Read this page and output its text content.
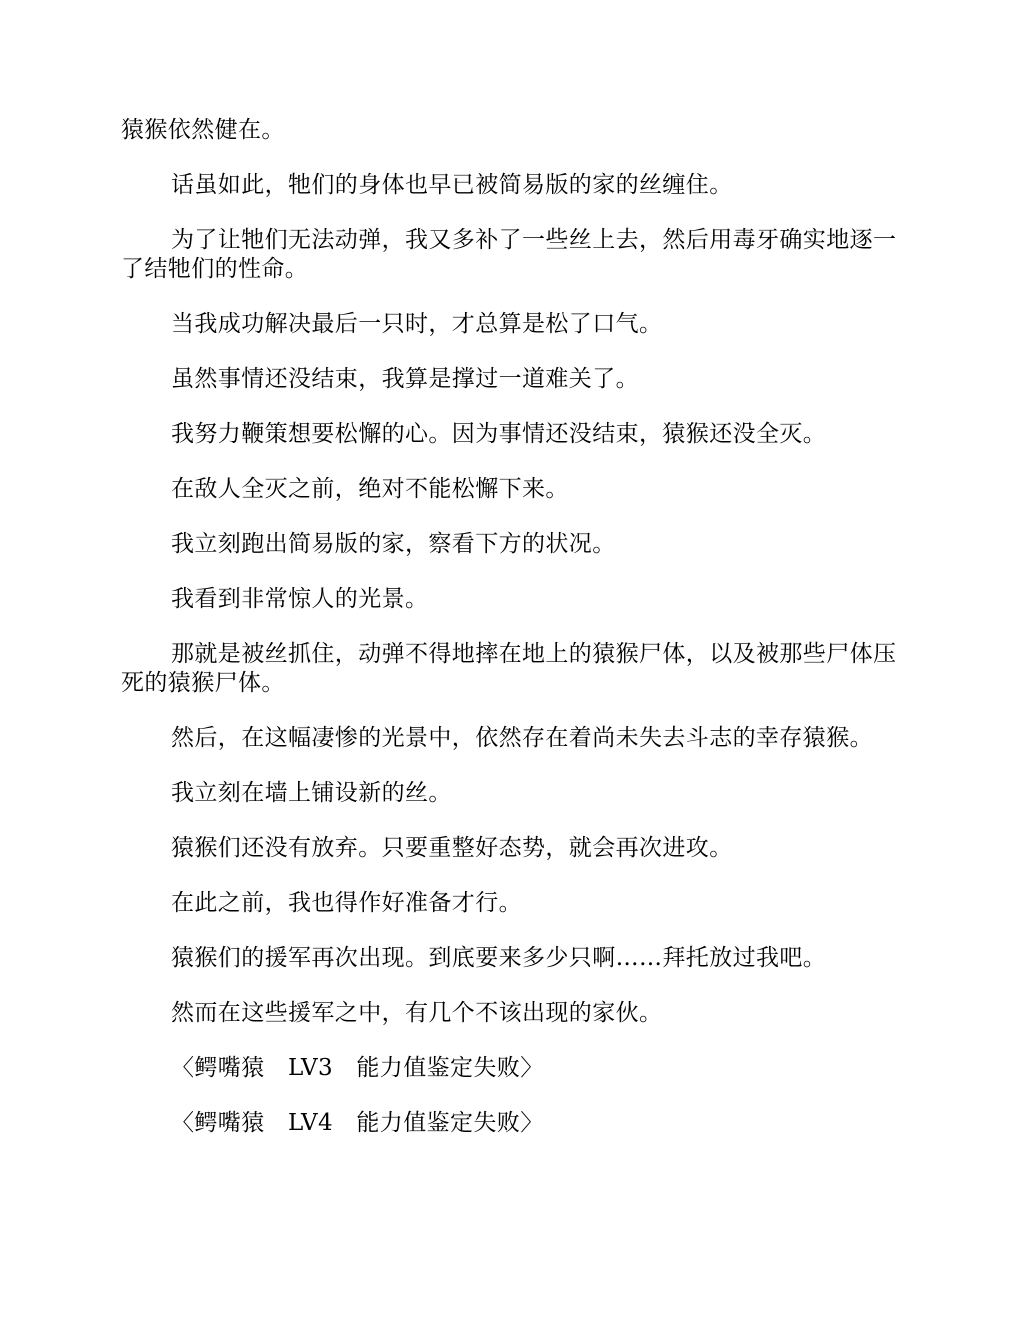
猿猴依然健在。

话虽如此，牠们的身体也早已被简易版的家的丝缠住。

为了让牠们无法动弹，我又多补了一些丝上去，然后用毒牙确实地逐一了结牠们的性命。

当我成功解决最后一只时，才总算是松了口气。

虽然事情还没结束，我算是撑过一道难关了。

我努力鞭策想要松懈的心。因为事情还没结束，猿猴还没全灭。

在敌人全灭之前，绝对不能松懈下来。

我立刻跑出简易版的家，察看下方的状况。

我看到非常惊人的光景。

那就是被丝抓住，动弹不得地摔在地上的猿猴尸体，以及被那些尸体压死的猿猴尸体。

然后，在这幅凄惨的光景中，依然存在着尚未失去斗志的幸存猿猴。

我立刻在墙上铺设新的丝。

猿猴们还没有放弃。只要重整好态势，就会再次进攻。

在此之前，我也得作好准备才行。

猿猴们的援军再次出现。到底要来多少只啊……拜托放过我吧。

然而在这些援军之中，有几个不该出现的家伙。

〈鳄嘴猿　LV3　能力值鉴定失败〉

〈鳄嘴猿　LV4　能力值鉴定失败〉
